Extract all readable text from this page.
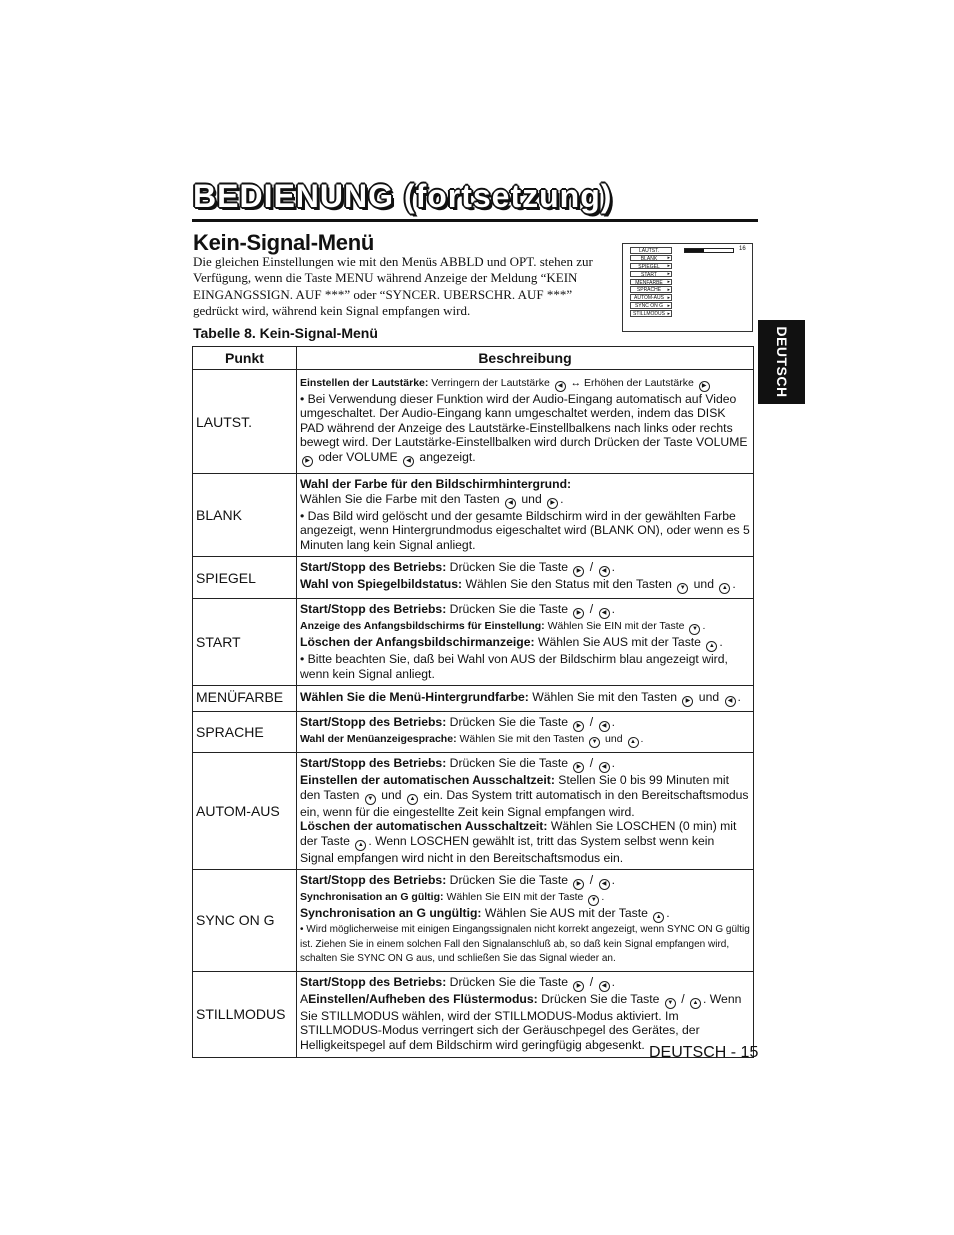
BEDIENUNG (fortsetzung)
Kein-Signal-Menü
Die gleichen Einstellungen wie mit den Menüs ABBLD und OPT. stehen zur Verfügung, wenn die Taste MENU während Anzeige der Meldung “KEIN EINGANGSSIGN. AUF ***” oder “SYNCER. UBERSCHR. AUF ***” gedrückt wird, während kein Signal empfangen wird.
LAUTST.
BLANK ▸
SPIEGEL ▸
START ▸
MENFARBE ▸
SPRACHE ▸
AUTOM-AUS ▸
SYNC ON G ▸
STILLMODUS ▸
16
DEUTSCH
Tabelle 8. Kein-Signal-Menü
Punkt	Beschreibung
LAUTST.	Einstellen der Lautstärke: Verringern der Lautstärke ◀ ↔ Erhöhen der Lautstärke ▶
• Bei Verwendung dieser Funktion wird der Audio-Eingang automatisch auf Video umgeschaltet. Der Audio-Eingang kann umgeschaltet werden, indem das DISK PAD während der Anzeige des Lautstärke-Einstellbalkens nach links oder rechts bewegt wird. Der Lautstärke-Einstellbalken wird durch Drücken der Taste VOLUME ▶ oder VOLUME ◀ angezeigt.

BLANK	Wahl der Farbe für den Bildschirmhintergrund:
Wählen Sie die Farbe mit den Tasten ◀ und ▶ .
• Das Bild wird gelöscht und der gesamte Bildschirm wird in der gewählten Farbe angezeigt, wenn Hintergrundmodus eigeschaltet wird (BLANK ON), oder wenn es 5 Minuten lang kein Signal anliegt.

SPIEGEL	Start/Stopp des Betriebs: Drücken Sie die Taste ▶ / ◀ .
Wahl von Spiegelbildstatus: Wählen Sie den Status mit den Tasten ▼ und ▲ .

START	Start/Stopp des Betriebs: Drücken Sie die Taste ▶ / ◀ .
Anzeige des Anfangsbildschirms für Einstellung: Wählen Sie EIN mit der Taste ▼ .
Löschen der Anfangsbildschirmanzeige: Wählen Sie AUS mit der Taste ▲ .
• Bitte beachten Sie, daß bei Wahl von AUS der Bildschirm blau angezeigt wird, wenn kein Signal anliegt.

MENÜFARBE	Wählen Sie die Menü-Hintergrundfarbe: Wählen Sie mit den Tasten ▶ und ◀ .

SPRACHE	Start/Stopp des Betriebs: Drücken Sie die Taste ▶ / ◀ .
Wahl der Menüanzeigesprache: Wählen Sie mit den Tasten ▼ und ▲ .

AUTOM-AUS	Start/Stopp des Betriebs: Drücken Sie die Taste ▶ / ◀ .
Einstellen der automatischen Ausschaltzeit: Stellen Sie 0 bis 99 Minuten mit den Tasten ▼ und ▲ ein. Das System tritt automatisch in den Bereitschaftsmodus ein, wenn für die eingestellte Zeit kein Signal empfangen wird.
Löschen der automatischen Ausschaltzeit: Wählen Sie LOSCHEN (0 min) mit der Taste ▲ . Wenn LOSCHEN gewählt ist, tritt das System selbst wenn kein Signal empfangen wird nicht in den Bereitschaftsmodus ein.

SYNC ON G	Start/Stopp des Betriebs: Drücken Sie die Taste ▶ / ◀ .
Synchronisation an G gültig: Wählen Sie EIN mit der Taste ▼ .
Synchronisation an G ungültig: Wählen Sie AUS mit der Taste ▲ .
• Wird möglicherweise mit einigen Eingangssignalen nicht korrekt angezeigt, wenn SYNC ON G gültig ist. Ziehen Sie in einem solchen Fall den Signalanschluß ab, so daß kein Signal empfangen wird, schalten Sie SYNC ON G aus, und schließen Sie das Signal wieder an.

STILLMODUS	Start/Stopp des Betriebs: Drücken Sie die Taste ▶ / ◀ .
AEinstellen/Aufheben des Flüstermodus: Drücken Sie die Taste ▼ / ▲ . Wenn Sie STILLMODUS wählen, wird der STILLMODUS-Modus aktiviert. Im STILLMODUS-Modus verringert sich der Geräuschpegel des Gerätes, der Helligkeitspegel auf dem Bildschirm wird geringfügig abgesenkt. DEUTSCH - 15
